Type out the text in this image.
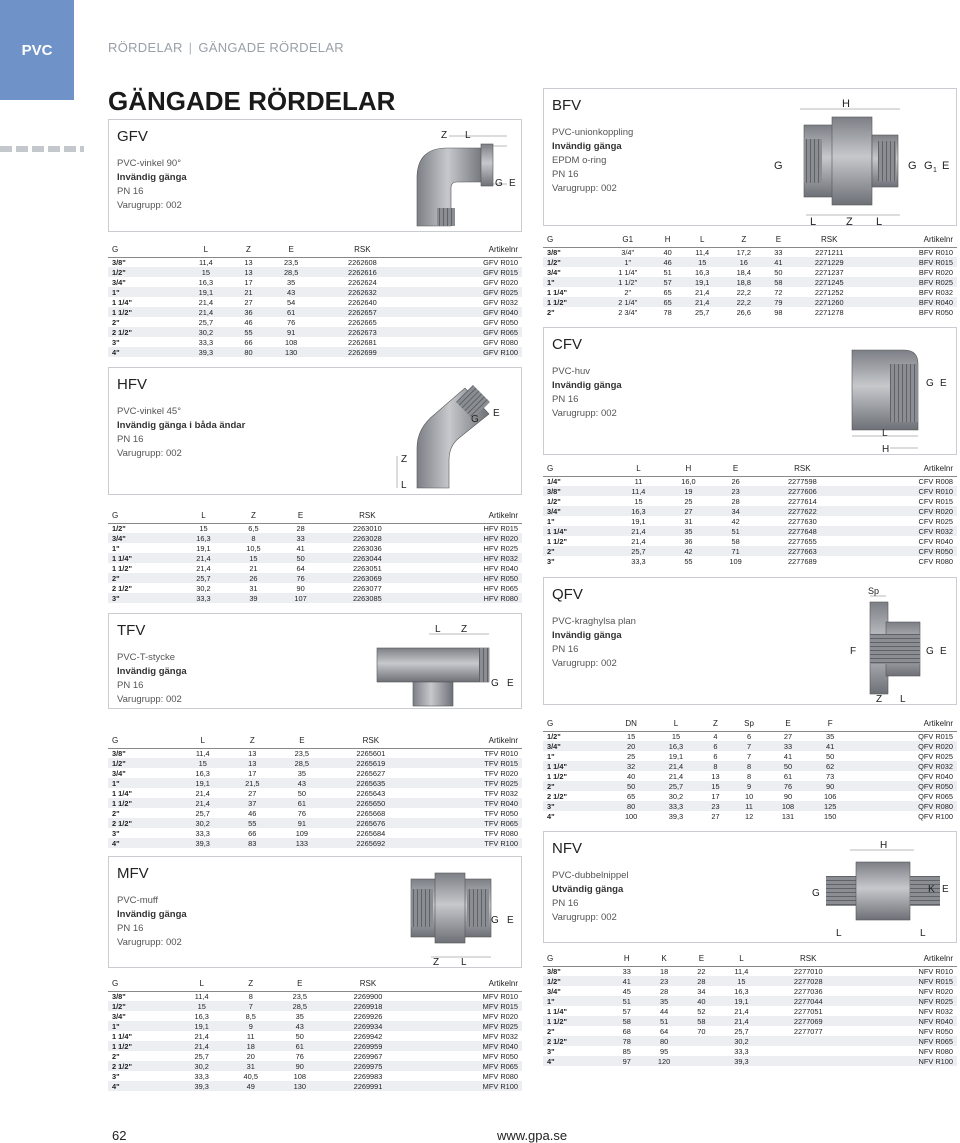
PVC	RÖRDELAR | GÄNGADE RÖRDELAR
GÄNGADE RÖRDELAR
GFV
PVC-vinkel 90°
Invändig gänga
PN 16
Varugrupp: 002
Z L
G E
G	L	Z	E	RSK	Artikelnr
3/8"	11,4	13	23,5	2262608	GFV R010
1/2"	15	13	28,5	2262616	GFV R015
3/4"	16,3	17	35	2262624	GFV R020
1"	19,1	21	43	2262632	GFV R025
1 1/4"	21,4	27	54	2262640	GFV R032
1 1/2"	21,4	36	61	2262657	GFV R040
2"	25,7	46	76	2262665	GFV R050
2 1/2"	30,2	55	91	2262673	GFV R065
3"	33,3	66	108	2262681	GFV R080
4"	39,3	80	130	2262699	GFV R100
HFV
PVC-vinkel 45°
Invändig gänga i båda ändar
PN 16
Varugrupp: 002
Z
L
G
E
G	L	Z	E	RSK	Artikelnr
1/2"	15	6,5	28	2263010	HFV R015
3/4"	16,3	8	33	2263028	HFV R020
1"	19,1	10,5	41	2263036	HFV R025
1 1/4"	21,4	15	50	2263044	HFV R032
1 1/2"	21,4	21	64	2263051	HFV R040
2"	25,7	26	76	2263069	HFV R050
2 1/2"	30,2	31	90	2263077	HFV R065
3"	33,3	39	107	2263085	HFV R080
TFV
PVC-T-stycke
Invändig gänga
PN 16
Varugrupp: 002
L Z
G E
G	L	Z	E	RSK	Artikelnr
3/8"	11,4	13	23,5	2265601	TFV R010
1/2"	15	13	28,5	2265619	TFV R015
3/4"	16,3	17	35	2265627	TFV R020
1"	19,1	21,5	43	2265635	TFV R025
1 1/4"	21,4	27	50	2265643	TFV R032
1 1/2"	21,4	37	61	2265650	TFV R040
2"	25,7	46	76	2265668	TFV R050
2 1/2"	30,2	55	91	2265676	TFV R065
3"	33,3	66	109	2265684	TFV R080
4"	39,3	83	133	2265692	TFV R100
MFV
PVC-muff
Invändig gänga
PN 16
Varugrupp: 002
Z L
G E
G	L	Z	E	RSK	Artikelnr
3/8"	11,4	8	23,5	2269900	MFV R010
1/2"	15	7	28,5	2269918	MFV R015
3/4"	16,3	8,5	35	2269926	MFV R020
1"	19,1	9	43	2269934	MFV R025
1 1/4"	21,4	11	50	2269942	MFV R032
1 1/2"	21,4	18	61	2269959	MFV R040
2"	25,7	20	76	2269967	MFV R050
2 1/2"	30,2	31	90	2269975	MFV R065
3"	33,3	40,5	108	2269983	MFV R080
4"	39,3	49	130	2269991	MFV R100
BFV
PVC-unionkoppling
Invändig gänga
EPDM o-ring
PN 16
Varugrupp: 002
H
G	G G 1 E
L	Z L
G	G1	H	L	Z	E	RSK	Artikelnr
3/8"	3/4"	40	11,4	17,2	33	2271211	BFV R010
1/2"	1"	46	15	16	41	2271229	BFV R015
3/4"	1 1/4"	51	16,3	18,4	50	2271237	BFV R020
1"	1 1/2"	57	19,1	18,8	58	2271245	BFV R025
1 1/4"	2"	65	21,4	22,2	72	2271252	BFV R032
1 1/2"	2 1/4"	65	21,4	22,2	79	2271260	BFV R040
2"	2 3/4"	78	25,7	26,6	98	2271278	BFV R050
CFV
PVC-huv
Invändig gänga
PN 16
Varugrupp: 002
G E
L
H
G	L	H	E	RSK	Artikelnr
1/4"	11	16,0	26	2277598	CFV R008
3/8"	11,4	19	23	2277606	CFV R010
1/2"	15	25	28	2277614	CFV R015
3/4"	16,3	27	34	2277622	CFV R020
1"	19,1	31	42	2277630	CFV R025
1 1/4"	21,4	35	51	2277648	CFV R032
1 1/2"	21,4	36	58	2277655	CFV R040
2"	25,7	42	71	2277663	CFV R050
3"	33,3	55	109	2277689	CFV R080
QFV
PVC-kraghylsa plan
Invändig gänga
PN 16
Varugrupp: 002
Sp
F	G E
Z L
G	DN	L	Z	Sp	E	F	Artikelnr
1/2"	15	15	4	6	27	35	QFV R015
3/4"	20	16,3	6	7	33	41	QFV R020
1"	25	19,1	6	7	41	50	QFV R025
1 1/4"	32	21,4	8	8	50	62	QFV R032
1 1/2"	40	21,4	13	8	61	73	QFV R040
2"	50	25,7	15	9	76	90	QFV R050
2 1/2"	65	30,2	17	10	90	106	QFV R065
3"	80	33,3	23	11	108	125	QFV R080
4"	100	39,3	27	12	131	150	QFV R100
NFV
PVC-dubbelnippel
Utvändig gänga
PN 16
Varugrupp: 002
H
G	K E
L	L
G	H	K	E	L	RSK	Artikelnr
3/8"	33	18	22	11,4	2277010	NFV R010
1/2"	41	23	28	15	2277028	NFV R015
3/4"	45	28	34	16,3	2277036	NFV R020
1"	51	35	40	19,1	2277044	NFV R025
1 1/4"	57	44	52	21,4	2277051	NFV R032
1 1/2"	58	51	58	21,4	2277069	NFV R040
2"	68	64	70	25,7	2277077	NFV R050
2 1/2"	78	80		30,2		NFV R065
3"	85	95		33,3		NFV R080
4"	97	120		39,3		NFV R100
62	www.gpa.se
